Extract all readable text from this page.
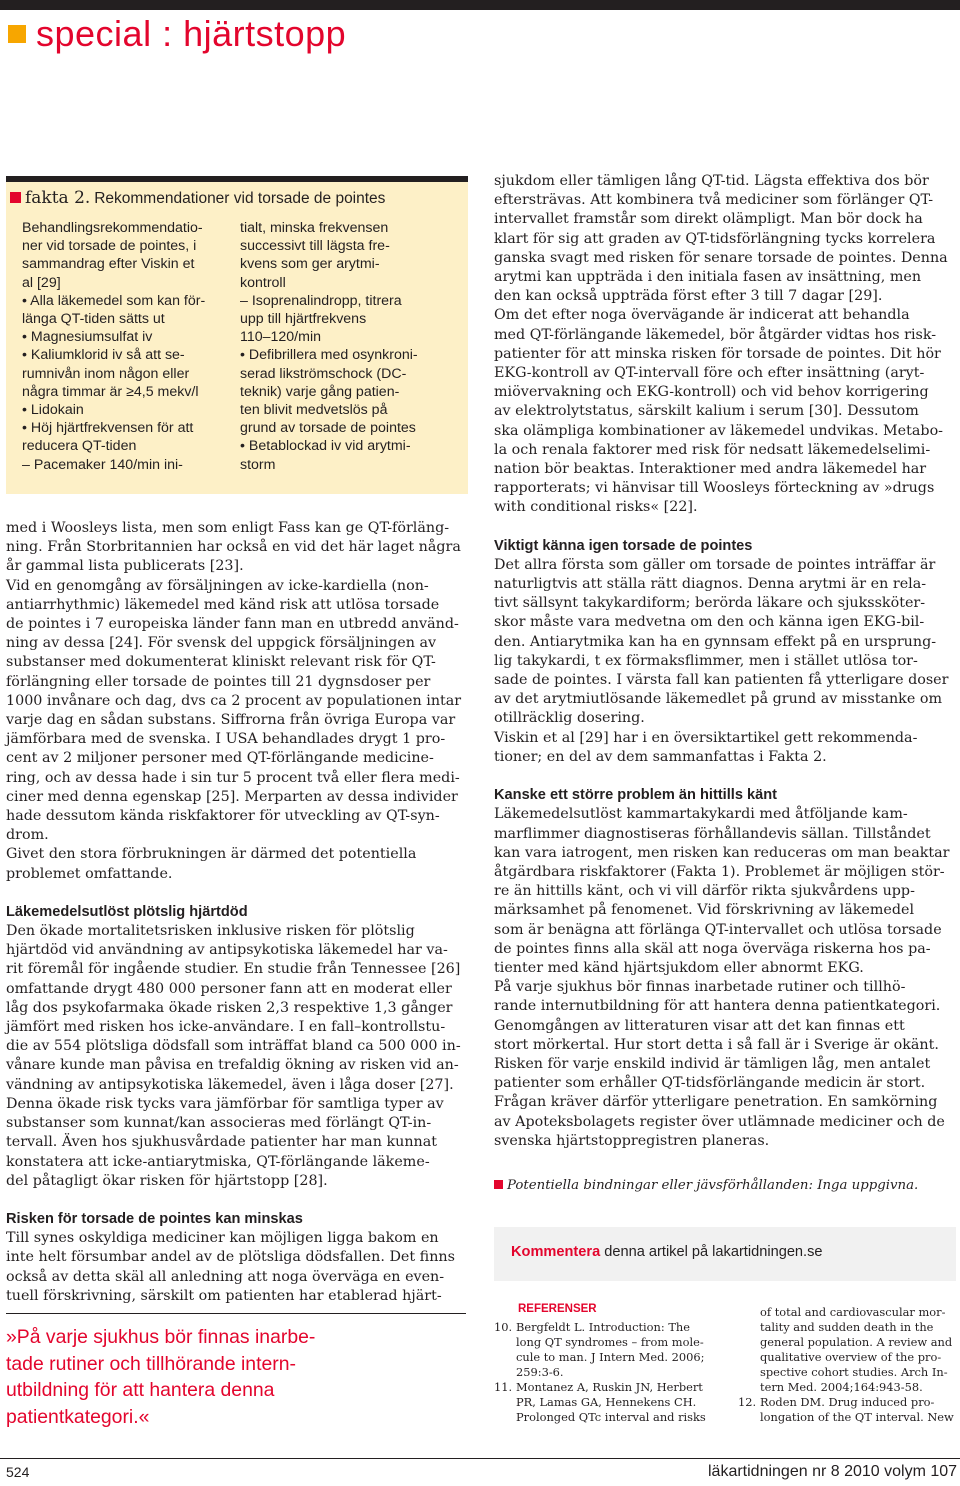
special : hjärtstopp
fakta 2. Rekommendationer vid torsade de pointes

Behandlingsrekommendatio-

ner vid torsade de pointes, i

sammandrag efter Viskin et

al [29]

• Alla läkemedel som kan för-

länga QT-tiden sätts ut

• Magnesiumsulfat iv

• Kaliumklorid iv så att se-

rumnivån inom någon eller

några timmar är ≥4,5 mekv/l

• Lidokain

• Höj hjärtfrekvensen för att

reducera QT-tiden

– Pacemaker 140/min ini-

tialt, minska frekvensen

successivt till lägsta fre-

kvens som ger arytmi-

kontroll

– Isoprenalindropp, titrera

upp till hjärtfrekvens

110–120/min

• Defibrillera med osynkroni-

serad likströmschock (DC-

teknik) varje gång patien-

ten blivit medvetslös på

grund av torsade de pointes

• Betablockad iv vid arytmi-

storm

med i Woosleys lista, men som enligt Fass kan ge QT-förläng-

ning. Från Storbritannien har också en vid det här laget några

år gammal lista publicerats [23].

Vid en genomgång av försäljningen av icke-kardiella (non-

antiarrhythmic) läkemedel med känd risk att utlösa torsade

de pointes i 7 europeiska länder fann man en utbredd använd-

ning av dessa [24]. För svensk del uppgick försäljningen av

substanser med dokumenterat kliniskt relevant risk för QT-

förlängning eller torsade de pointes till 21 dygnsdoser per

1000 invånare och dag, dvs ca 2 procent av populationen intar

varje dag en sådan substans. Siffrorna från övriga Europa var

jämförbara med de svenska. I USA behandlades drygt 1 pro-

cent av 2 miljoner personer med QT-förlängande medicine-

ring, och av dessa hade i sin tur 5 procent två eller flera medi-

ciner med denna egenskap [25]. Merparten av dessa individer

hade dessutom kända riskfaktorer för utveckling av QT-syn-

drom.

Givet den stora förbrukningen är därmed det potentiella

problemet omfattande.

Läkemedelsutlöst plötslig hjärtdöd

Den ökade mortalitetsrisken inklusive risken för plötslig

hjärtdöd vid användning av antipsykotiska läkemedel har va-

rit föremål för ingående studier. En studie från Tennessee [26]

omfattande drygt 480 000 personer fann att en moderat eller

låg dos psykofarmaka ökade risken 2,3 respektive 1,3 gånger

jämfört med risken hos icke-användare. I en fall–kontrollstu-

die av 554 plötsliga dödsfall som inträffat bland ca 500 000 in-

vånare kunde man påvisa en trefaldig ökning av risken vid an-

vändning av antipsykotiska läkemedel, även i låga doser [27].

Denna ökade risk tycks vara jämförbar för samtliga typer av

substanser som kunnat/kan associeras med förlängt QT-in-

tervall. Även hos sjukhusvårdade patienter har man kunnat

konstatera att icke-antiarytmiska, QT-förlängande läkeme-

del påtagligt ökar risken för hjärtstopp [28].

Risken för torsade de pointes kan minskas

Till synes oskyldiga mediciner kan möjligen ligga bakom en

inte helt försumbar andel av de plötsliga dödsfallen. Det finns

också av detta skäl all anledning att noga överväga en even-

tuell förskrivning, särskilt om patienten har etablerad hjärt-

»På varje sjukhus bör finnas inarbe-

tade rutiner och tillhörande intern-

utbildning för att hantera denna

patientkategori.«

sjukdom eller tämligen lång QT-tid. Lägsta effektiva dos bör

eftersträvas. Att kombinera två mediciner som förlänger QT-

intervallet framstår som direkt olämpligt. Man bör dock ha

klart för sig att graden av QT-tidsförlängning tycks korrelera

ganska svagt med risken för senare torsade de pointes. Denna

arytmi kan uppträda i den initiala fasen av insättning, men

den kan också uppträda först efter 3 till 7 dagar [29].

Om det efter noga övervägande är indicerat att behandla

med QT-förlängande läkemedel, bör åtgärder vidtas hos risk-

patienter för att minska risken för torsade de pointes. Dit hör

EKG-kontroll av QT-intervall före och efter insättning (aryt-

miövervakning och EKG-kontroll) och vid behov korrigering

av elektrolytstatus, särskilt kalium i serum [30]. Dessutom

ska olämpliga kombinationer av läkemedel undvikas. Metabo-

la och renala faktorer med risk för nedsatt läkemedelselimi-

nation bör beaktas. Interaktioner med andra läkemedel har

rapporterats; vi hänvisar till Woosleys förteckning av »drugs

with conditional risks« [22].

Viktigt känna igen torsade de pointes

Det allra första som gäller om torsade de pointes inträffar är

naturligtvis att ställa rätt diagnos. Denna arytmi är en rela-

tivt sällsynt takykardiform; berörda läkare och sjukssköter-

skor måste vara medvetna om den och känna igen EKG-bil-

den. Antiarytmika kan ha en gynnsam effekt på en ursprung-

lig takykardi, t ex förmaksflimmer, men i stället utlösa tor-

sade de pointes. I värsta fall kan patienten få ytterligare doser

av det arytmiutlösande läkemedlet på grund av misstanke om

otillräcklig dosering.

Viskin et al [29] har i en översiktartikel gett rekommenda-

tioner; en del av dem sammanfattas i Fakta 2.

Kanske ett större problem än hittills känt

Läkemedelsutlöst kammartakykardi med åtföljande kam-

marflimmer diagnostiseras förhållandevis sällan. Tillståndet

kan vara iatrogent, men risken kan reduceras om man beaktar

åtgärdbara riskfaktorer (Fakta 1). Problemet är möjligen stör-

re än hittills känt, och vi vill därför rikta sjukvårdens upp-

märksamhet på fenomenet. Vid förskrivning av läkemedel

som är benägna att förlänga QT-intervallet och utlösa torsade

de pointes finns alla skäl att noga överväga riskerna hos pa-

tienter med känd hjärtsjukdom eller abnormt EKG.

På varje sjukhus bör finnas inarbetade rutiner och tillhö-

rande internutbildning för att hantera denna patientkategori.

Genomgången av litteraturen visar att det kan finnas ett

stort mörkertal. Hur stort detta i så fall är i Sverige är okänt.

Risken för varje enskild individ är tämligen låg, men antalet

patienter som erhåller QT-tidsförlängande medicin är stort.

Frågan kräver därför ytterligare penetration. En samkörning

av Apoteksbolagets register över utlämnade mediciner och de

svenska hjärtstoppregistren planeras.

Potentiella bindningar eller jävsförhållanden: Inga uppgivna.
Kommentera denna artikel på lakartidningen.se
REFERENSER

10. Bergfeldt L. Introduction: The

long QT syndromes – from mole-

cule to man. J Intern Med. 2006;

259:3-6.

11. Montanez A, Ruskin JN, Herbert

PR, Lamas GA, Hennekens CH.

Prolonged QTc interval and risks

of total and cardiovascular mor-

tality and sudden death in the

general population. A review and

qualitative overview of the pro-

spective cohort studies. Arch In-

tern Med. 2004;164:943-58.

12. Roden DM. Drug induced pro-

longation of the QT interval. New

524	läkartidningen nr 8 2010 volym 107
